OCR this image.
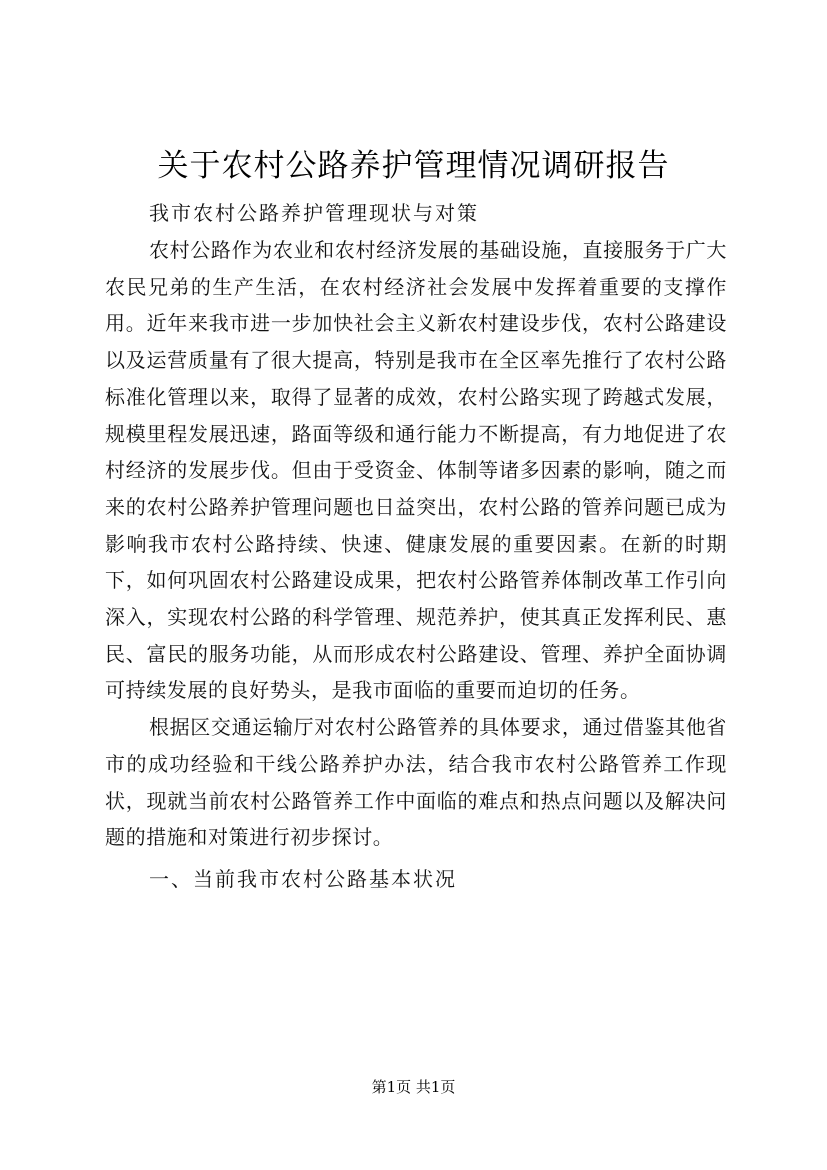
关于农村公路养护管理情况调研报告

我市农村公路养护管理现状与对策

农村公路作为农业和农村经济发展的基础设施，直接服务于广大农民兄弟的生产生活，在农村经济社会发展中发挥着重要的支撑作用。近年来我市进一步加快社会主义新农村建设步伐，农村公路建设以及运营质量有了很大提高，特别是我市在全区率先推行了农村公路标准化管理以来，取得了显著的成效，农村公路实现了跨越式发展，规模里程发展迅速，路面等级和通行能力不断提高，有力地促进了农村经济的发展步伐。但由于受资金、体制等诸多因素的影响，随之而来的农村公路养护管理问题也日益突出，农村公路的管养问题已成为影响我市农村公路持续、快速、健康发展的重要因素。在新的时期下，如何巩固农村公路建设成果，把农村公路管养体制改革工作引向深入，实现农村公路的科学管理、规范养护，使其真正发挥利民、惠民、富民的服务功能，从而形成农村公路建设、管理、养护全面协调可持续发展的良好势头，是我市面临的重要而迫切的任务。

根据区交通运输厅对农村公路管养的具体要求，通过借鉴其他省市的成功经验和干线公路养护办法，结合我市农村公路管养工作现状，现就当前农村公路管养工作中面临的难点和热点问题以及解决问题的措施和对策进行初步探讨。

一、当前我市农村公路基本状况

第1页 共1页
